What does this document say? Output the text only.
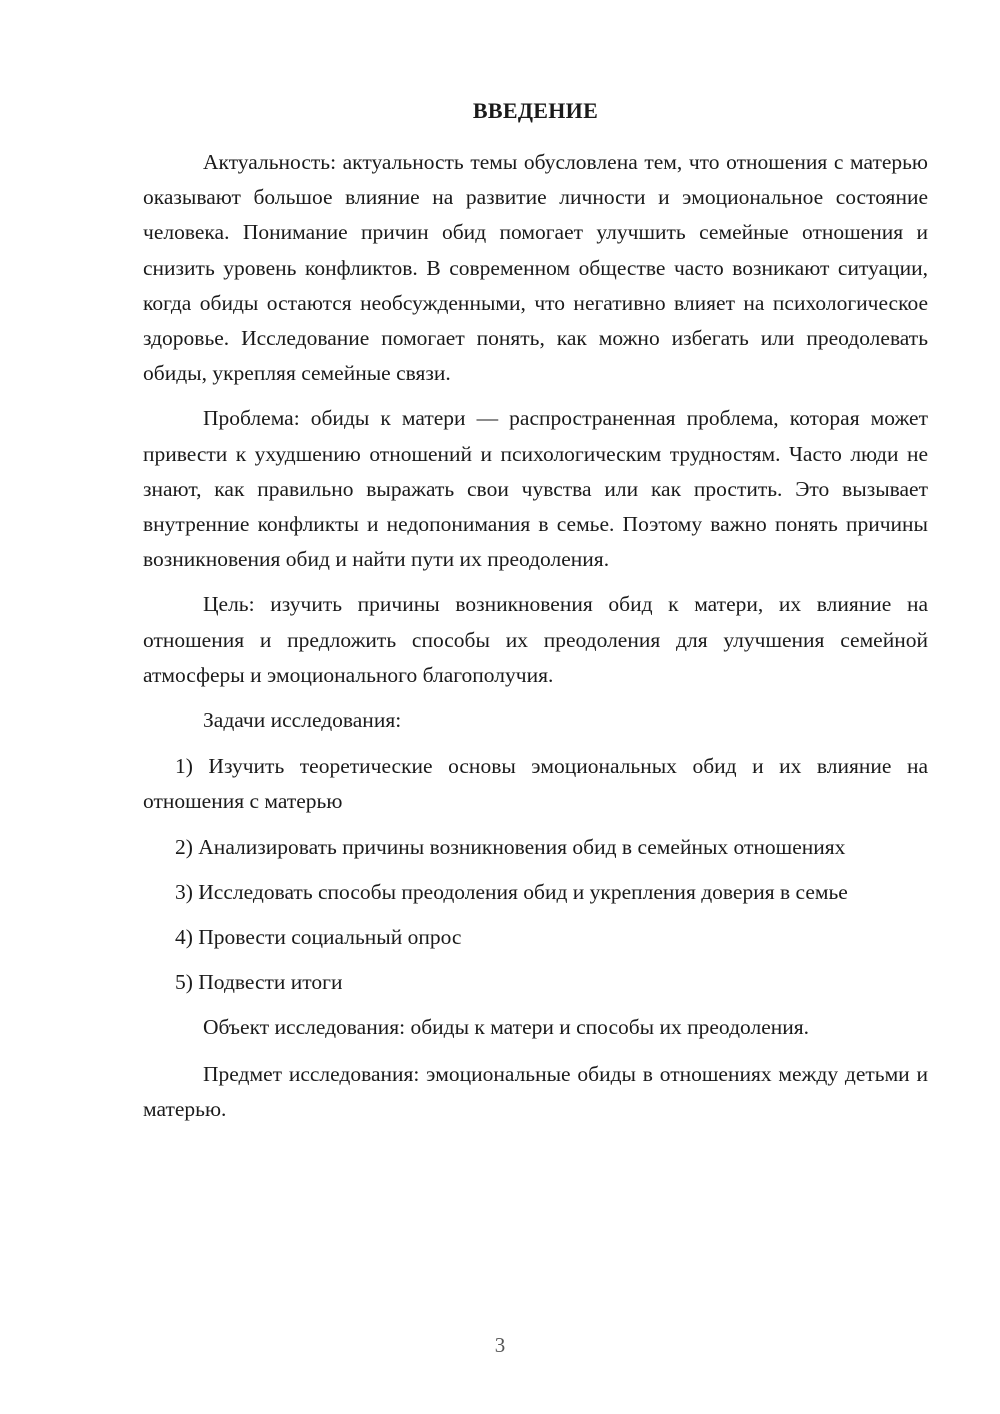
ВВЕДЕНИЕ

Актуальность: актуальность темы обусловлена тем, что отношения с матерью оказывают большое влияние на развитие личности и эмоциональное состояние человека. Понимание причин обид помогает улучшить семейные отношения и снизить уровень конфликтов. В современном обществе часто возникают ситуации, когда обиды остаются необсужденными, что негативно влияет на психологическое здоровье. Исследование помогает понять, как можно избегать или преодолевать обиды, укрепляя семейные связи.

Проблема: обиды к матери — распространенная проблема, которая может привести к ухудшению отношений и психологическим трудностям. Часто люди не знают, как правильно выражать свои чувства или как простить. Это вызывает внутренние конфликты и недопонимания в семье. Поэтому важно понять причины возникновения обид и найти пути их преодоления.

Цель: изучить причины возникновения обид к матери, их влияние на отношения и предложить способы их преодоления для улучшения семейной атмосферы и эмоционального благополучия.

Задачи исследования:

1) Изучить теоретические основы эмоциональных обид и их влияние на отношения с матерью

2) Анализировать причины возникновения обид в семейных отношениях

3) Исследовать способы преодоления обид и укрепления доверия в семье

4) Провести социальный опрос

5) Подвести итоги

Объект исследования: обиды к матери и способы их преодоления.

Предмет исследования: эмоциональные обиды в отношениях между детьми и матерью.

3
